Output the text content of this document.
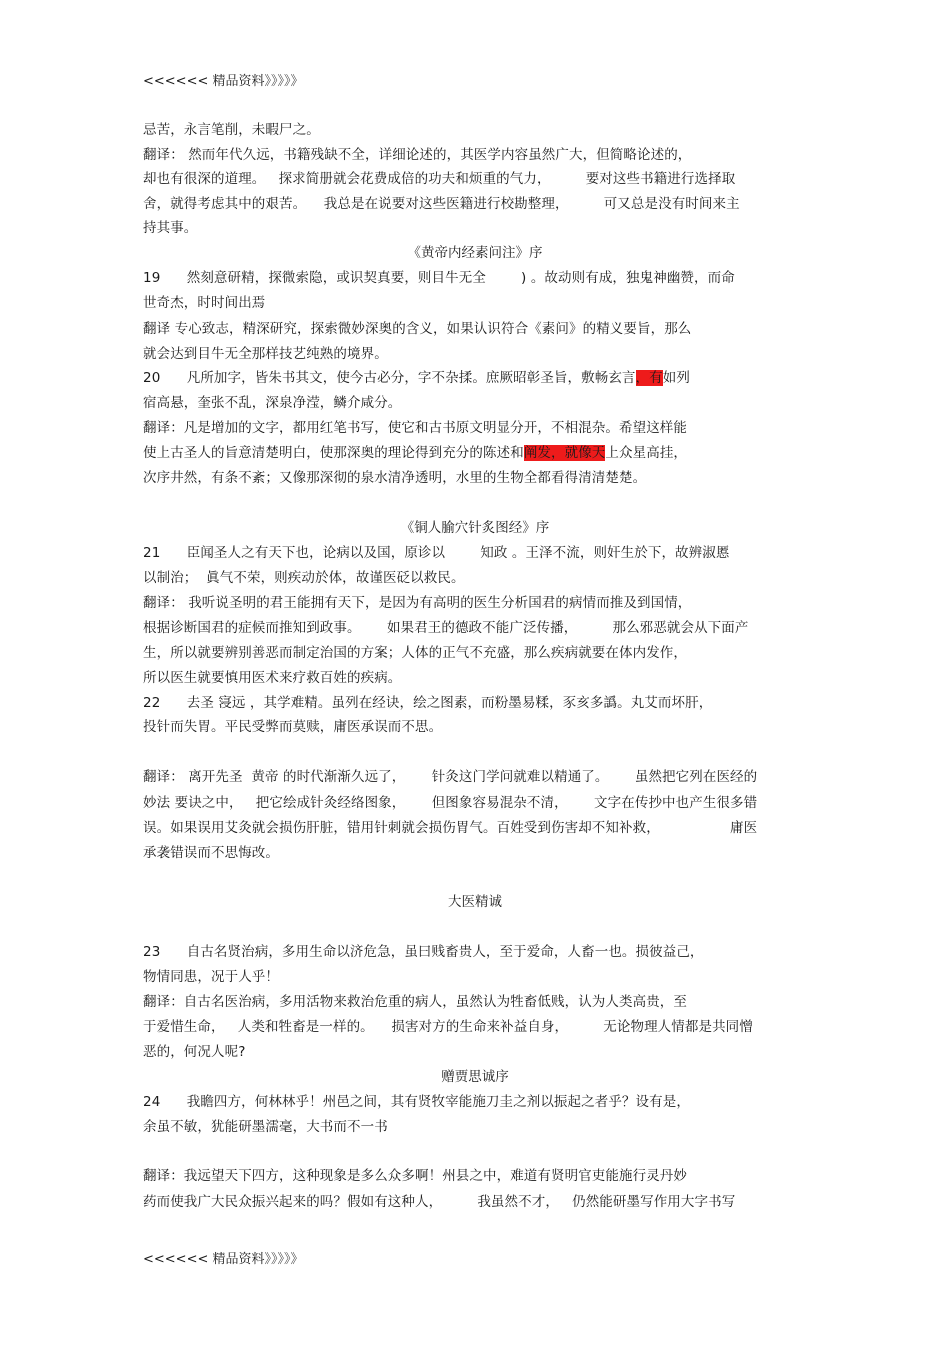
<<<<<< 精品资料》》》》》
忌苦，永言笔削，未暇尸之。
翻译： 然而年代久远，书籍残缺不全，详细论述的，其医学内容虽然广大，但简略论述的，
却也有很深的道理。   探求简册就会花费成倍的功夫和烦重的气力，        要对这些书籍进行选择取
舍，就得考虑其中的艰苦。    我总是在说要对这些医籍进行校勘整理，        可又总是没有时间来主
持其事。
《黄帝内经素问注》序
19      然刻意研精，探微索隐，或识契真要，则目牛无全        ) 。故动则有成，独鬼神幽赞，而命
世奇杰，时时间出焉
翻译 专心致志，精深研究，探索微妙深奥的含义，如果认识符合《素问》的精义要旨，那么
就会达到目牛无全那样技艺纯熟的境界。
20      凡所加字，皆朱书其文，使今古必分，字不杂揉。庶厥昭彰圣旨，敷畅玄言，有如列
宿高悬，奎张不乱，深泉净滢，鳞介咸分。
翻译：凡是增加的文字，都用红笔书写，使它和古书原文明显分开，不相混杂。希望这样能
使上古圣人的旨意清楚明白，使那深奥的理论得到充分的陈述和阐发，就像天上众星高挂，
次序井然，有条不紊；又像那深彻的泉水清净透明，水里的生物全都看得清清楚楚。
《铜人腧穴针炙图经》序
21      臣闻圣人之有天下也，论病以及国，原诊以        知政 。王泽不流，则奸生於下，故辨淑慝
以制治；  眞气不荣，则疾动於体，故谨医砭以救民。
翻译： 我听说圣明的君王能拥有天下，是因为有高明的医生分析国君的病情而推及到国情，
根据诊断国君的症候而推知到政事。      如果君王的德政不能广泛传播，        那么邪恶就会从下面产
生，所以就要辨别善恶而制定治国的方案；人体的正气不充盛，那么疾病就要在体内发作，
所以医生就要慎用医术来疗救百姓的疾病。
22      去圣 寖远 ，其学难精。虽列在经诀，绘之图素，而粉墨易糅，豕亥多譌。丸艾而坏肝，
投针而失胃。平民受弊而莫赎，庸医承误而不思。
翻译： 离开先圣  黄帝 的时代渐渐久远了，      针灸这门学问就难以精通了。      虽然把它列在医经的
妙法 要诀之中，   把它绘成针灸经络图象，      但图象容易混杂不清，      文字在传抄中也产生很多错
误。如果误用艾灸就会损伤肝脏，错用针刺就会损伤胃气。百姓受到伤害却不知补救，                庸医
承袭错误而不思悔改。
大医精诚
23      自古名贤治病，多用生命以济危急，虽曰贱畜贵人，至于爱命，人畜一也。损彼益己，
物情同患，况于人乎！
翻译：自古名医治病，多用活物来救治危重的病人，虽然认为牲畜低贱，认为人类高贵，至
于爱惜生命，   人类和牲畜是一样的。    损害对方的生命来补益自身，        无论物理人情都是共同憎
恶的，何况人呢?
赠贾思诚序
24      我瞻四方，何林林乎！州邑之间，其有贤牧宰能施刀圭之剂以振起之者乎？设有是，
余虽不敏，犹能研墨濡毫，大书而不一书
翻译：我远望天下四方，这种现象是多么众多啊！州县之中，难道有贤明官吏能施行灵丹妙
药而使我广大民众振兴起来的吗？假如有这种人，        我虽然不才，   仍然能研墨写作用大字书写
<<<<<< 精品资料》》》》》
